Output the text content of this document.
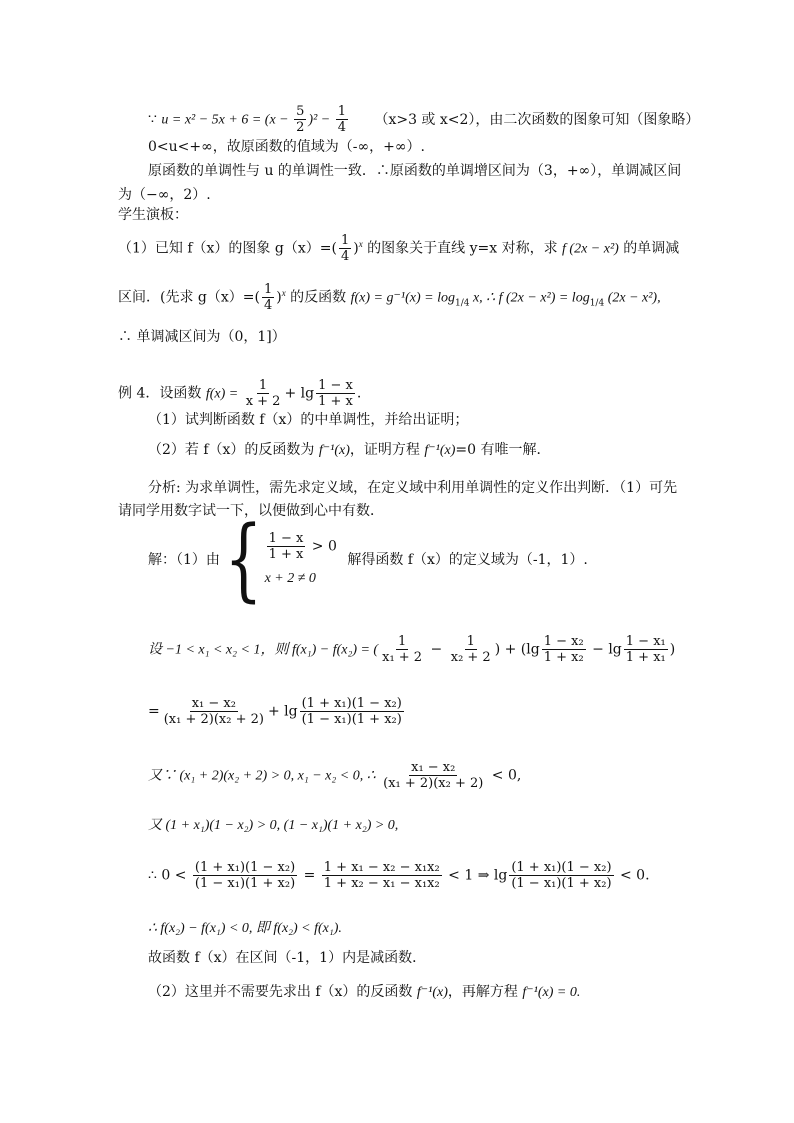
∵ $u = x^2 - 5x + 6 = (x - \frac{5}{2} )^2 - \frac{1}{4} (x>3$ 或 x<2），由二次函数的图象可知（图象略）
0<u<+∞，故原函数的值域为（-∞，+∞）.
原函数的单调性与 u 的单调性一致．∴原函数的单调增区间为（3，+∞），单调减区间
为（−∞，2）.
学生演板：
（1）已知 f（x）的图象 $g(x)=( \frac{1}{4} )^x$ 的图象关于直线 y=x 对称，求 f (2x − x²) 的单调减
区间．(先求 $g(x)=( \frac{1}{4} )^x$ 的反函数 $f(x) = g^{-1}(x) = \log_{1/4} x$, ∴ f $(2x - x^2) = \log_{1/4} (2x - x^2)$,
∴ 单调减区间为（0，1]）
例 4．设函数 $f(x) = \frac{1}{x + 2} + \lg \frac{1 - x}{1 + x}$ .
（1）试判断函数 f（x）的中单调性，并给出证明；
（2）若 f（x）的反函数为 f⁻¹(x)，证明方程 f⁻¹(x)=0 有唯一解．
分析: 为求单调性，需先求定义域，在定义域中利用单调性的定义作出判断．（1）可先
请同学用数字试一下，以便做到心中有数．
解：（1）由 { $\frac{1 - x}{1 + x} > 0$
x + 2 ≠ 0
解得函数 f（x）的定义域为（-1，1）.
设 −1 < x₁ < x₂ < 1，则 f(x₁) − f(x₂) = ( $\frac{1}{\text{x₁ + 2}} - \frac{1}{\text{x₂ + 2}}$ ) + ($\lg \frac{\text{1 − x₂}}{\text{1 + x₂}} - \lg \frac{\text{1 − x₁}}{\text{1 + x₁}}$ )
= $\frac{\text{x₁ − x₂}}{\text{(x₁ + 2)(x₂ + 2)}} + \lg \frac{\text{(1 + x₁)(1 − x₂)}}{\text{(1 − x₁)(1 + x₂)}}$
又∵ (x₁ + 2)(x₂ + 2) > 0, x₁ − x₂ < 0, ∴ $\frac{\text{x₁ − x₂}}{\text{(x₁ + 2)(x₂ + 2)}} < 0$,
又 (1 + x₁)(1 − x₂) > 0, (1 − x₁)(1 + x₂) > 0,
∴ $0 < \frac{\text{(1 + x₁)(1 − x₂)}}{\text{(1 − x₁)(1 + x₂)}} = \frac{\text{1 + x₁ − x₂ − x₁x₂}}{\text{1 + x₂ − x₁ − x₁x₂}} < 1$ ⇒ $\lg \frac{\text{(1 + x₁)(1 − x₂)}}{\text{(1 − x₁)(1 + x₂)}} < 0$.
∴ f(x₂) − f(x₁) < 0, 即 f(x₂) < f(x₁).
故函数 f（x）在区间（-1，1）内是减函数．
（2）这里并不需要先求出 f（x）的反函数 f⁻¹(x)，再解方程 f⁻¹(x) = 0.
